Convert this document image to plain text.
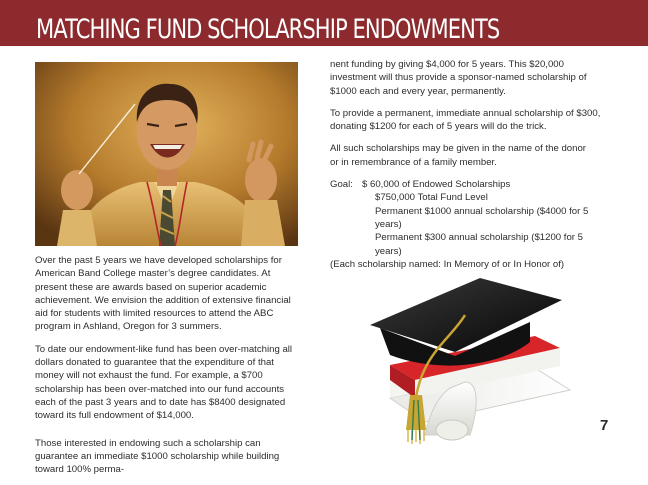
MATCHING FUND SCHOLARSHIP ENDOWMENTS

Over the past 5 years we have developed scholarships for American Band College master’s degree candidates. At present these are awards based on superior academic achievement. We envision the addition of extensive financial aid for students with limited resources to attend the ABC program in Ashland, Oregon for 3 summers.

To date our endowment-like fund has been over-matching all dollars donated to guarantee that the expenditure of that money will not exhaust the fund. For example, a $700 scholarship has been over-matched into our fund accounts each of the past 3 years and to date has $8400 designated toward its full endowment of $14,000.

Those interested in endowing such a scholarship can guarantee an immediate $1000 scholarship while building toward 100% perma-

nent funding by giving $4,000 for 5 years. This $20,000 investment will thus provide a sponsor-named scholarship of $1000 each and every year, permanently.

To provide a permanent, immediate annual scholarship of $300, donating $1200 for each of 5 years will do the trick.

All such scholarships may be given in the name of the donor
or in remembrance of a family member.

Goal: $ 60,000 of Endowed Scholarships
$750,000 Total Fund Level
Permanent $1000 annual scholarship ($4000 for 5 years)
Permanent $300 annual scholarship ($1200 for 5 years)
(Each scholarship named: In Memory of or In Honor of)
7
